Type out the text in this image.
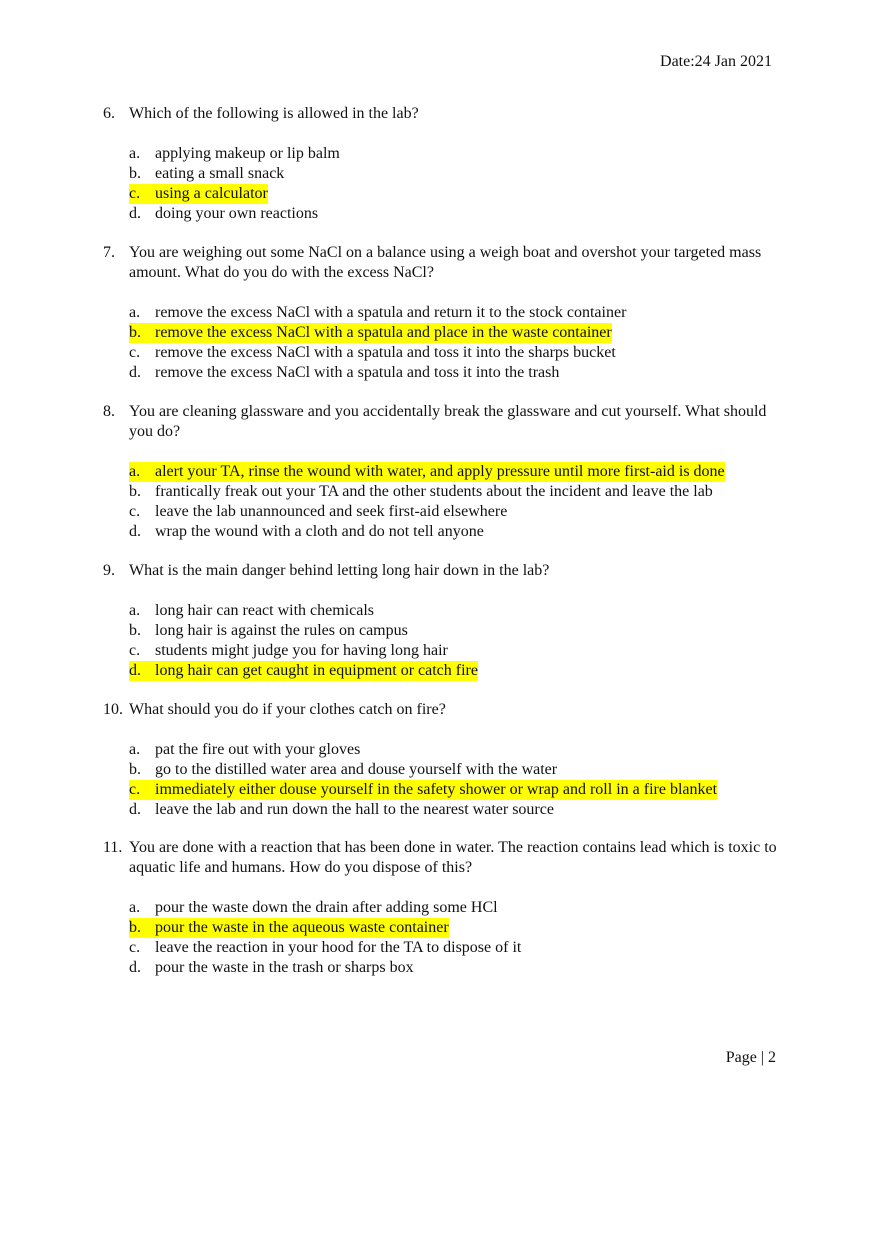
Date:24 Jan 2021
6. Which of the following is allowed in the lab?
a. applying makeup or lip balm
b. eating a small snack
c. using a calculator
d. doing your own reactions
7. You are weighing out some NaCl on a balance using a weigh boat and overshot your targeted mass amount. What do you do with the excess NaCl?
a. remove the excess NaCl with a spatula and return it to the stock container
b. remove the excess NaCl with a spatula and place in the waste container
c. remove the excess NaCl with a spatula and toss it into the sharps bucket
d. remove the excess NaCl with a spatula and toss it into the trash
8. You are cleaning glassware and you accidentally break the glassware and cut yourself. What should you do?
a. alert your TA, rinse the wound with water, and apply pressure until more first-aid is done
b. frantically freak out your TA and the other students about the incident and leave the lab
c. leave the lab unannounced and seek first-aid elsewhere
d. wrap the wound with a cloth and do not tell anyone
9. What is the main danger behind letting long hair down in the lab?
a. long hair can react with chemicals
b. long hair is against the rules on campus
c. students might judge you for having long hair
d. long hair can get caught in equipment or catch fire
10. What should you do if your clothes catch on fire?
a. pat the fire out with your gloves
b. go to the distilled water area and douse yourself with the water
c. immediately either douse yourself in the safety shower or wrap and roll in a fire blanket
d. leave the lab and run down the hall to the nearest water source
11. You are done with a reaction that has been done in water. The reaction contains lead which is toxic to aquatic life and humans. How do you dispose of this?
a. pour the waste down the drain after adding some HCl
b. pour the waste in the aqueous waste container
c. leave the reaction in your hood for the TA to dispose of it
d. pour the waste in the trash or sharps box
Page | 2
